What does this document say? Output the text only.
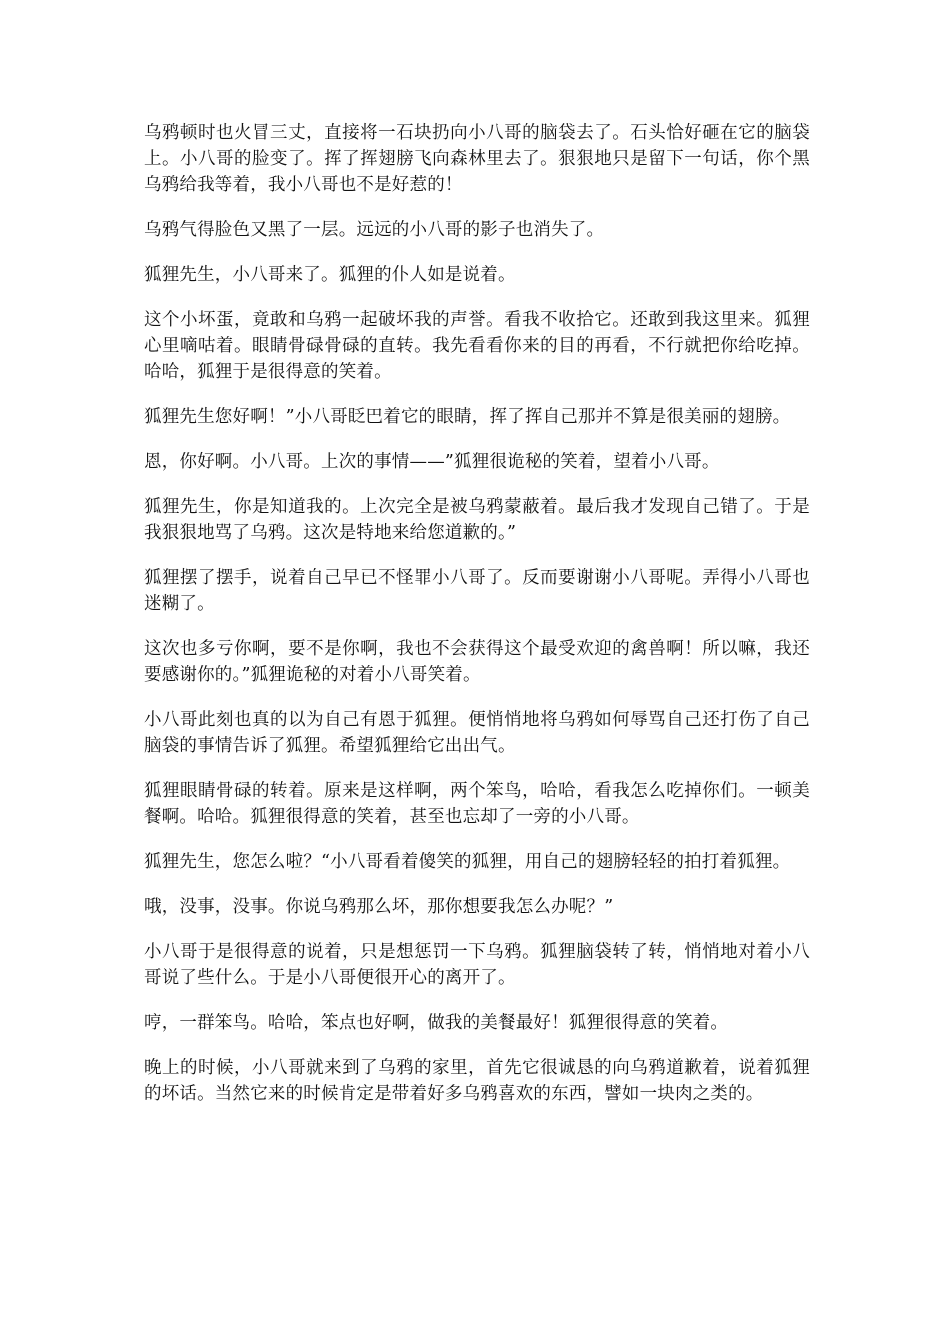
乌鸦顿时也火冒三丈，直接将一石块扔向小八哥的脑袋去了。石头恰好砸在它的脑袋上。小八哥的脸变了。挥了挥翅膀飞向森林里去了。狠狠地只是留下一句话，你个黑乌鸦给我等着，我小八哥也不是好惹的！

乌鸦气得脸色又黑了一层。远远的小八哥的影子也消失了。

狐狸先生，小八哥来了。狐狸的仆人如是说着。

这个小坏蛋，竟敢和乌鸦一起破坏我的声誉。看我不收拾它。还敢到我这里来。狐狸心里嘀咕着。眼睛骨碌骨碌的直转。我先看看你来的目的再看，不行就把你给吃掉。哈哈，狐狸于是很得意的笑着。

狐狸先生您好啊！”小八哥眨巴着它的眼睛，挥了挥自己那并不算是很美丽的翅膀。

恩，你好啊。小八哥。上次的事情——”狐狸很诡秘的笑着，望着小八哥。

狐狸先生，你是知道我的。上次完全是被乌鸦蒙蔽着。最后我才发现自己错了。于是我狠狠地骂了乌鸦。这次是特地来给您道歉的。”

狐狸摆了摆手，说着自己早已不怪罪小八哥了。反而要谢谢小八哥呢。弄得小八哥也迷糊了。

这次也多亏你啊，要不是你啊，我也不会获得这个最受欢迎的禽兽啊！所以嘛，我还要感谢你的。”狐狸诡秘的对着小八哥笑着。

小八哥此刻也真的以为自己有恩于狐狸。便悄悄地将乌鸦如何辱骂自己还打伤了自己脑袋的事情告诉了狐狸。希望狐狸给它出出气。

狐狸眼睛骨碌的转着。原来是这样啊，两个笨鸟，哈哈，看我怎么吃掉你们。一顿美餐啊。哈哈。狐狸很得意的笑着，甚至也忘却了一旁的小八哥。

狐狸先生，您怎么啦？“小八哥看着傻笑的狐狸，用自己的翅膀轻轻的拍打着狐狸。

哦，没事，没事。你说乌鸦那么坏，那你想要我怎么办呢？”

小八哥于是很得意的说着，只是想惩罚一下乌鸦。狐狸脑袋转了转，悄悄地对着小八哥说了些什么。于是小八哥便很开心的离开了。

哼，一群笨鸟。哈哈，笨点也好啊，做我的美餐最好！狐狸很得意的笑着。

晚上的时候，小八哥就来到了乌鸦的家里，首先它很诚恳的向乌鸦道歉着，说着狐狸的坏话。当然它来的时候肯定是带着好多乌鸦喜欢的东西，譬如一块肉之类的。
